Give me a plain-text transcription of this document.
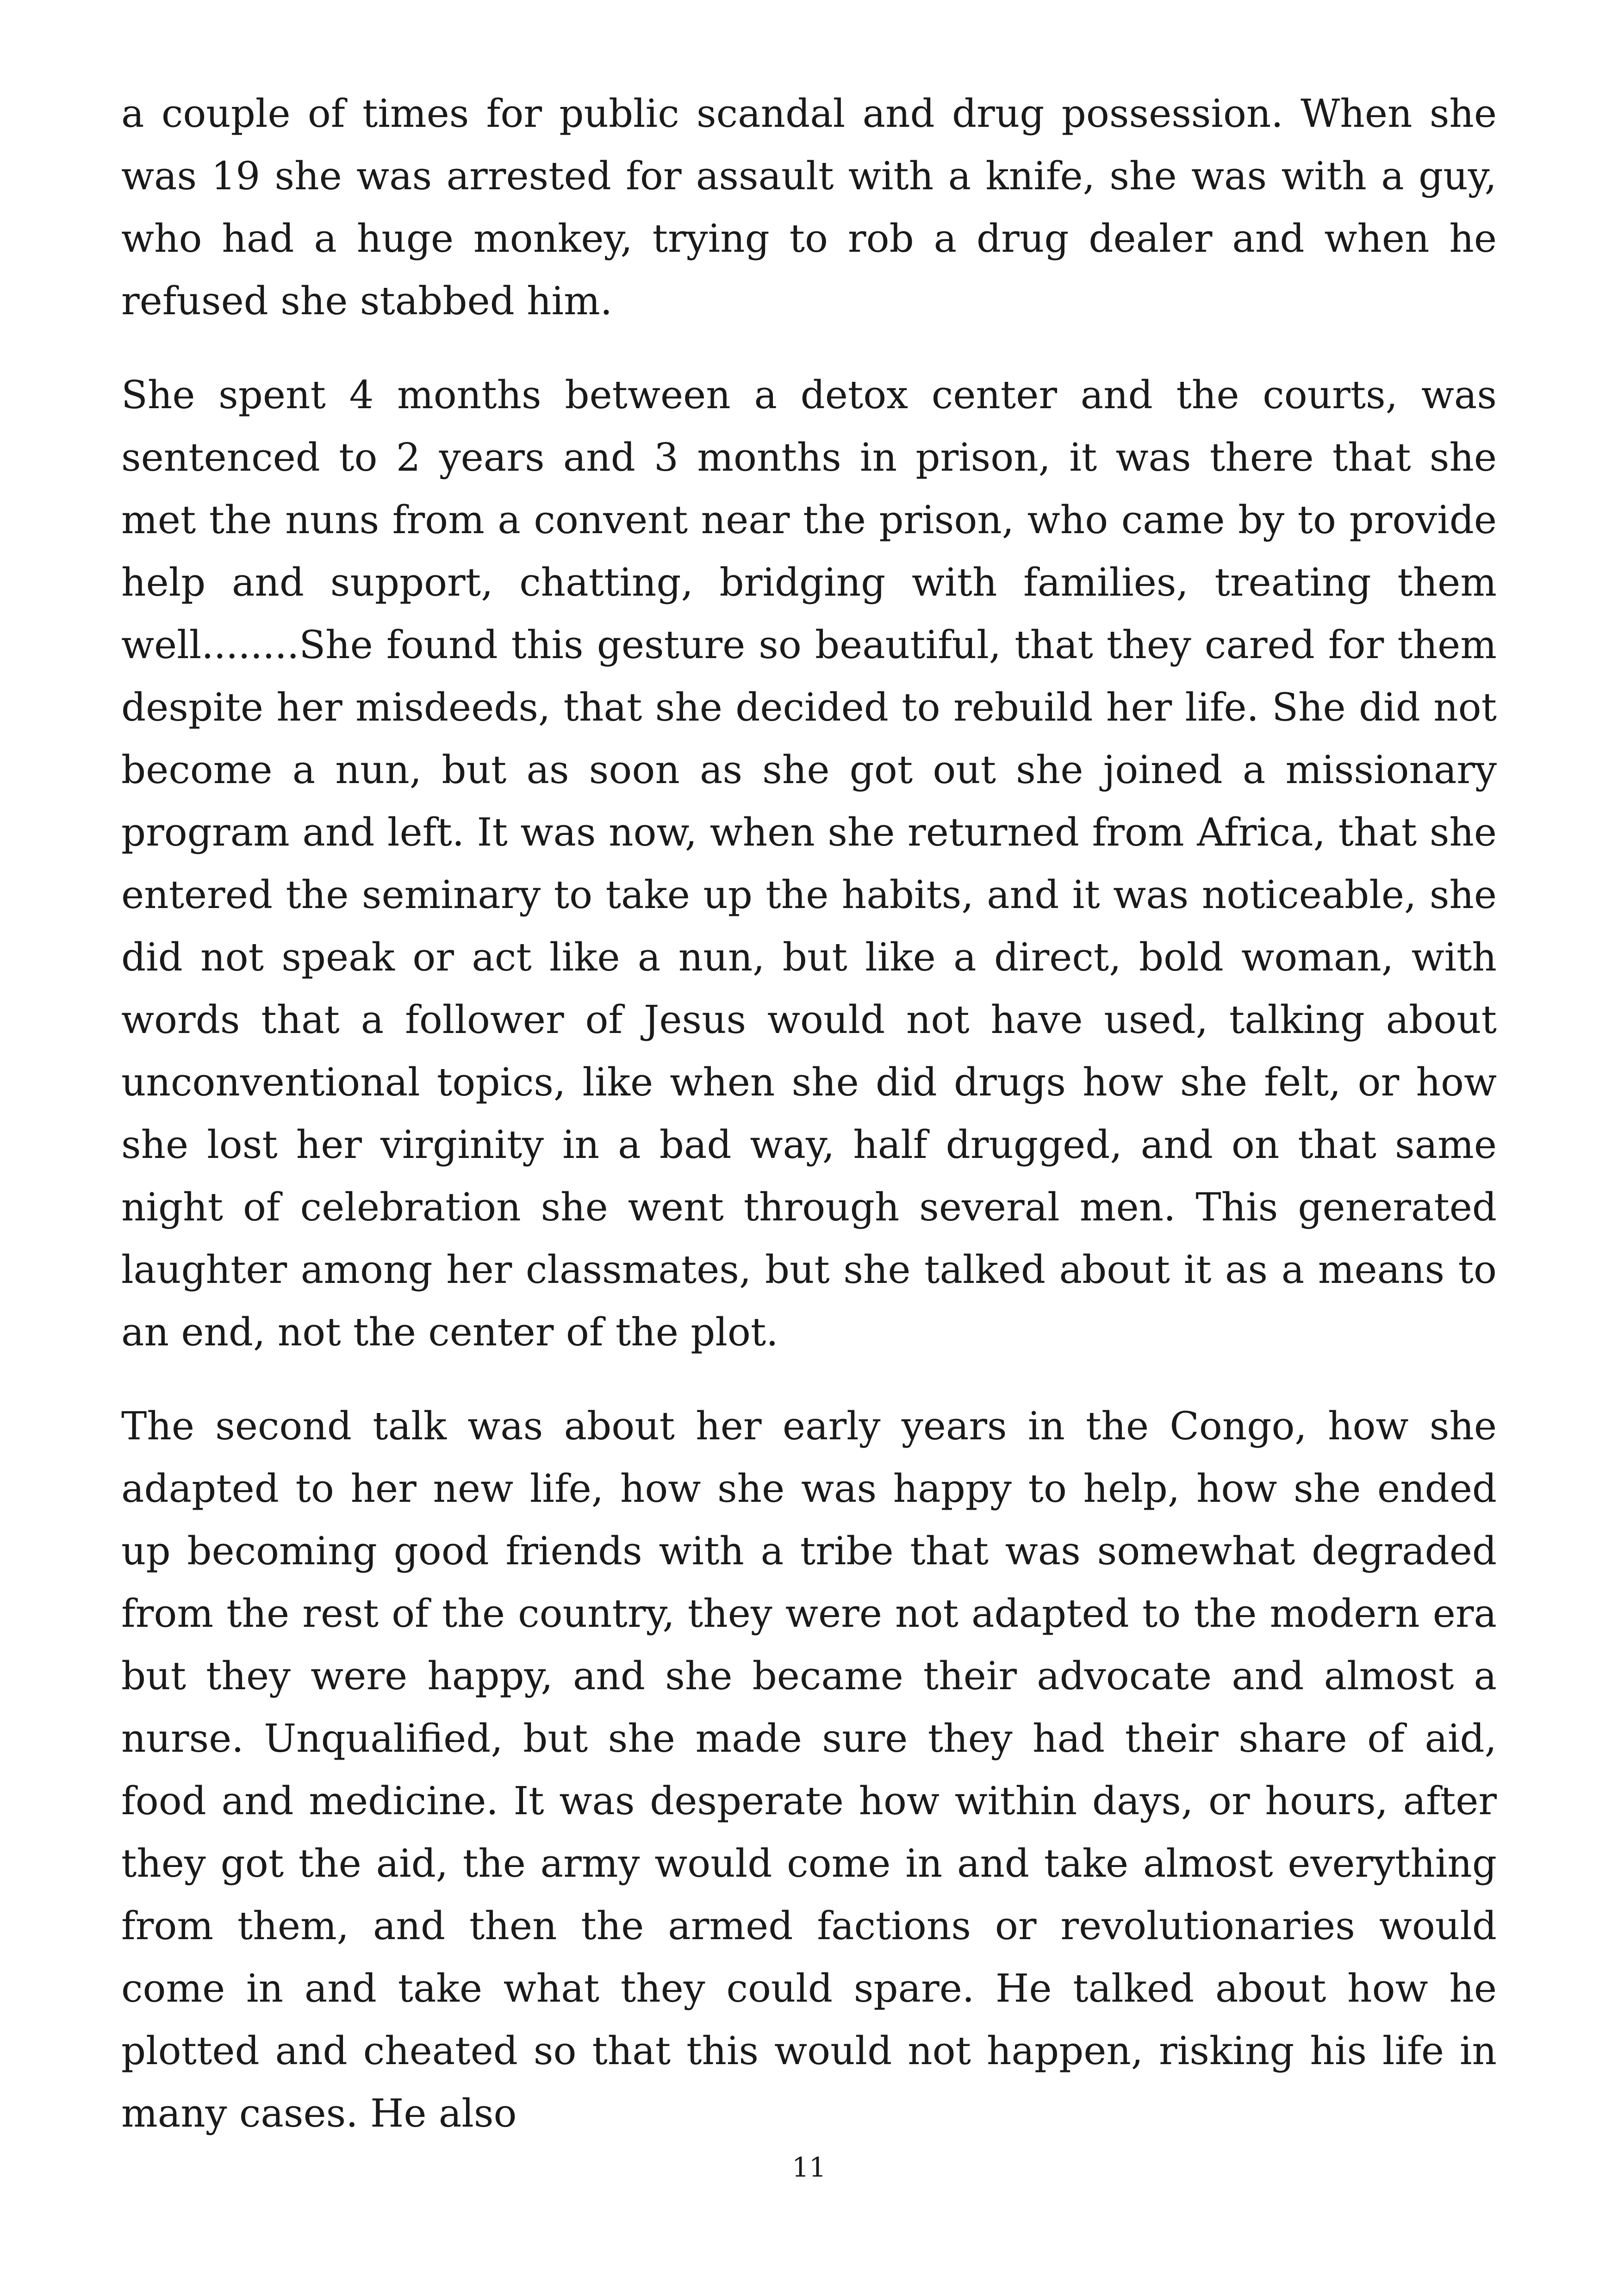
a couple of times for public scandal and drug possession. When she was 19 she was arrested for assault with a knife, she was with a guy, who had a huge monkey, trying to rob a drug dealer and when he refused she stabbed him.

She spent 4 months between a detox center and the courts, was sentenced to 2 years and 3 months in prison, it was there that she met the nuns from a convent near the prison, who came by to provide help and support, chatting, bridging with families, treating them well........She found this gesture so beautiful, that they cared for them despite her misdeeds, that she decided to rebuild her life. She did not become a nun, but as soon as she got out she joined a missionary program and left. It was now, when she returned from Africa, that she entered the seminary to take up the habits, and it was noticeable, she did not speak or act like a nun, but like a direct, bold woman, with words that a follower of Jesus would not have used, talking about unconventional topics, like when she did drugs how she felt, or how she lost her virginity in a bad way, half drugged, and on that same night of celebration she went through several men. This generated laughter among her classmates, but she talked about it as a means to an end, not the center of the plot.

The second talk was about her early years in the Congo, how she adapted to her new life, how she was happy to help, how she ended up becoming good friends with a tribe that was somewhat degraded from the rest of the country, they were not adapted to the modern era but they were happy, and she became their advocate and almost a nurse. Unqualified, but she made sure they had their share of aid, food and medicine. It was desperate how within days, or hours, after they got the aid, the army would come in and take almost everything from them, and then the armed factions or revolutionaries would come in and take what they could spare. He talked about how he plotted and cheated so that this would not happen, risking his life in many cases. He also

11
